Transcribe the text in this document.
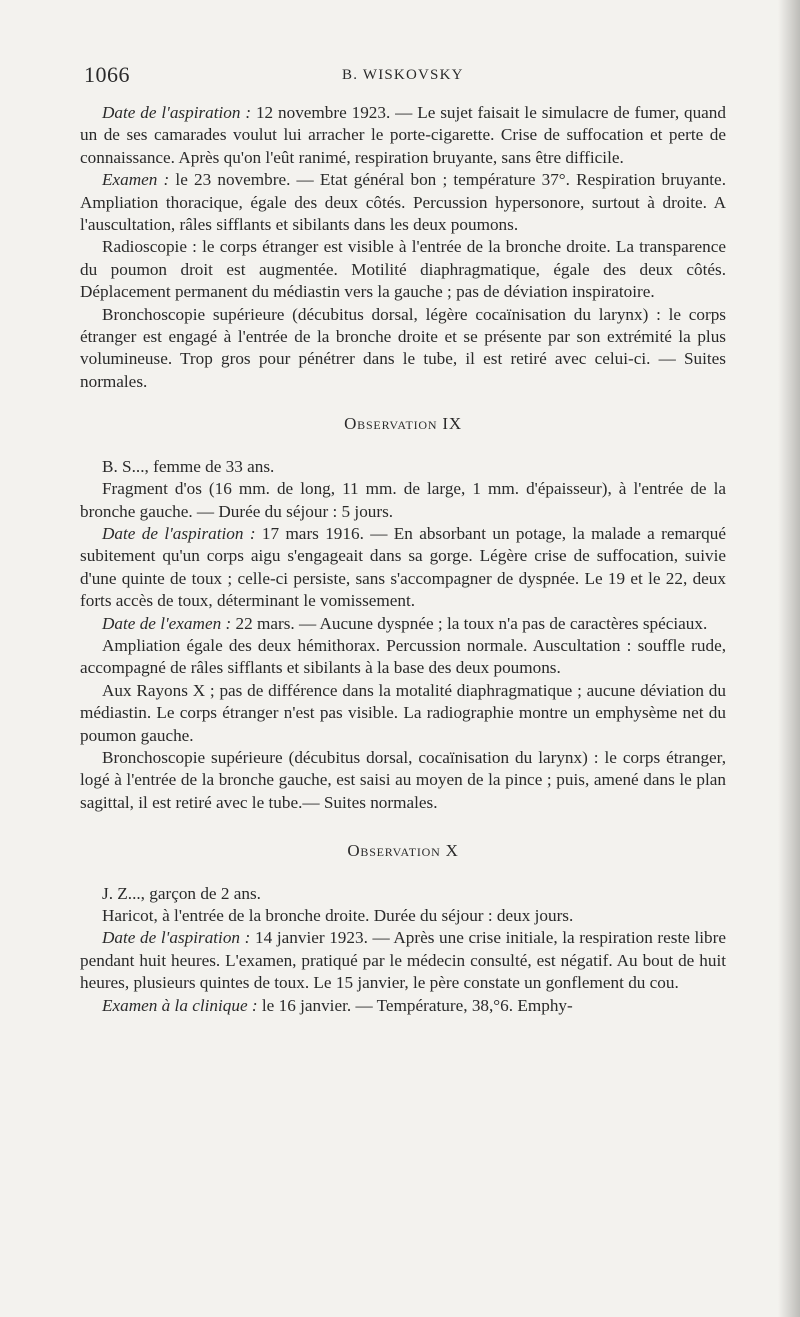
1066	B. WISKOVSKY

Date de l'aspiration : 12 novembre 1923. — Le sujet faisait le simulacre de fumer, quand un de ses camarades voulut lui arracher le porte-cigarette. Crise de suffocation et perte de connaissance. Après qu'on l'eût ranimé, respiration bruyante, sans être difficile.

Examen : le 23 novembre. — Etat général bon ; température 37°. Respiration bruyante. Ampliation thoracique, égale des deux côtés. Percussion hypersonore, surtout à droite. A l'auscultation, râles sifflants et sibilants dans les deux poumons.

Radioscopie : le corps étranger est visible à l'entrée de la bronche droite. La transparence du poumon droit est augmentée. Motilité diaphragmatique, égale des deux côtés. Déplacement permanent du médiastin vers la gauche ; pas de déviation inspiratoire.

Bronchoscopie supérieure (décubitus dorsal, légère cocaïnisation du larynx) : le corps étranger est engagé à l'entrée de la bronche droite et se présente par son extrémité la plus volumineuse. Trop gros pour pénétrer dans le tube, il est retiré avec celui-ci. — Suites normales.

Observation IX

B. S..., femme de 33 ans.

Fragment d'os (16 mm. de long, 11 mm. de large, 1 mm. d'épaisseur), à l'entrée de la bronche gauche. — Durée du séjour : 5 jours.

Date de l'aspiration : 17 mars 1916. — En absorbant un potage, la malade a remarqué subitement qu'un corps aigu s'engageait dans sa gorge. Légère crise de suffocation, suivie d'une quinte de toux ; celle-ci persiste, sans s'accompagner de dyspnée. Le 19 et le 22, deux forts accès de toux, déterminant le vomissement.

Date de l'examen : 22 mars. — Aucune dyspnée ; la toux n'a pas de caractères spéciaux.

Ampliation égale des deux hémithorax. Percussion normale. Auscultation : souffle rude, accompagné de râles sifflants et sibilants à la base des deux poumons.

Aux Rayons X ; pas de différence dans la motalité diaphragmatique ; aucune déviation du médiastin. Le corps étranger n'est pas visible. La radiographie montre un emphysème net du poumon gauche.

Bronchoscopie supérieure (décubitus dorsal, cocaïnisation du larynx) : le corps étranger, logé à l'entrée de la bronche gauche, est saisi au moyen de la pince ; puis, amené dans le plan sagittal, il est retiré avec le tube.— Suites normales.

Observation X

J. Z..., garçon de 2 ans.

Haricot, à l'entrée de la bronche droite. Durée du séjour : deux jours.

Date de l'aspiration : 14 janvier 1923. — Après une crise initiale, la respiration reste libre pendant huit heures. L'examen, pratiqué par le médecin consulté, est négatif. Au bout de huit heures, plusieurs quintes de toux. Le 15 janvier, le père constate un gonflement du cou.

Examen à la clinique : le 16 janvier. — Température, 38,°6. Emphy-
